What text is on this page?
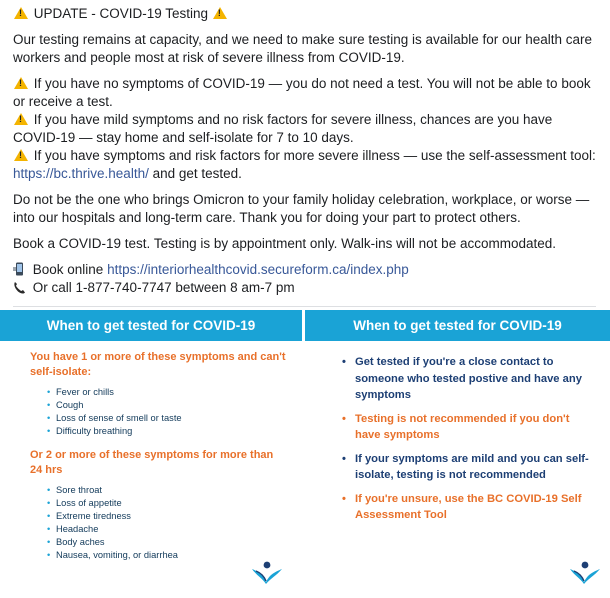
! UPDATE - COVID-19 Testing !

Our testing remains at capacity, and we need to make sure testing is available for our health care workers and people most at risk of severe illness from COVID-19.

! If you have no symptoms of COVID-19 — you do not need a test. You will not be able to book or receive a test.

! If you have mild symptoms and no risk factors for severe illness, chances are you have COVID-19 — stay home and self-isolate for 7 to 10 days.

! If you have symptoms and risk factors for more severe illness — use the self-assessment tool: https://bc.thrive.health/ and get tested.

Do not be the one who brings Omicron to your family holiday celebration, workplace, or worse — into our hospitals and long-term care. Thank you for doing your part to protect others.

Book a COVID-19 test. Testing is by appointment only. Walk-ins will not be accommodated.

Book online https://interiorhealthcovid.secureform.ca/index.php

Or call 1-877-740-7747 between 8 am-7 pm

When to get tested for COVID-19
You have 1 or more of these symptoms and can't self-isolate:
• Fever or chills
• Cough
• Loss of sense of smell or taste
• Difficulty breathing
Or 2 or more of these symptoms for more than 24 hrs
• Sore throat
• Loss of appetite
• Extreme tiredness
• Headache
• Body aches
• Nausea, vomiting, or diarrhea
When to get tested for COVID-19
• Get tested if you're a close contact to someone who tested postive and have any symptoms
• Testing is not recommended if you don't have symptoms
• If your symptoms are mild and you can self-isolate, testing is not recommended
• If you're unsure, use the BC COVID-19 Self Assessment Tool
